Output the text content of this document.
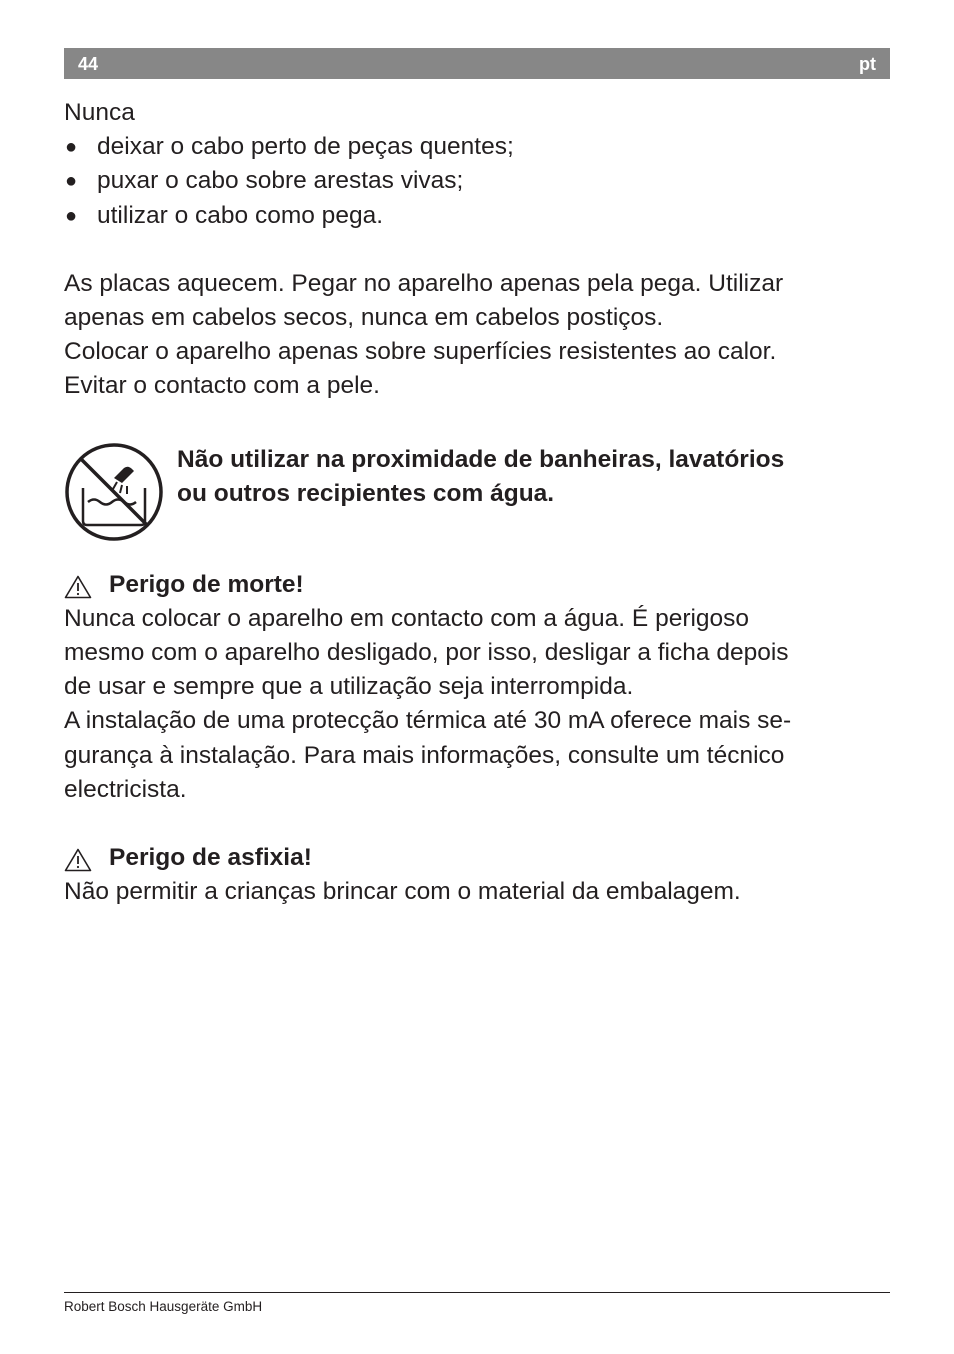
44	pt

Nunca

● deixar o cabo perto de peças quentes;

● puxar o cabo sobre arestas vivas;

● utilizar o cabo como pega.

As placas aquecem. Pegar no aparelho apenas pela pega. Utilizar

apenas em cabelos secos, nunca em cabelos postiços.

Colocar o aparelho apenas sobre superfícies resistentes ao calor.

Evitar o contacto com a pele.

Não utilizar na proximidade de banheiras, lavatórios

ou outros recipientes com água.

Perigo de morte!

Nunca colocar o aparelho em contacto com a água. É perigoso

mesmo com o aparelho desligado, por isso, desligar a ficha depois

de usar e sempre que a utilização seja interrompida.

A instalação de uma protecção térmica até 30 mA oferece mais se-

gurança à instalação. Para mais informações, consulte um técnico

electricista.

Perigo de asfixia!

Não permitir a crianças brincar com o material da embalagem.

Robert Bosch Hausgeräte GmbH
